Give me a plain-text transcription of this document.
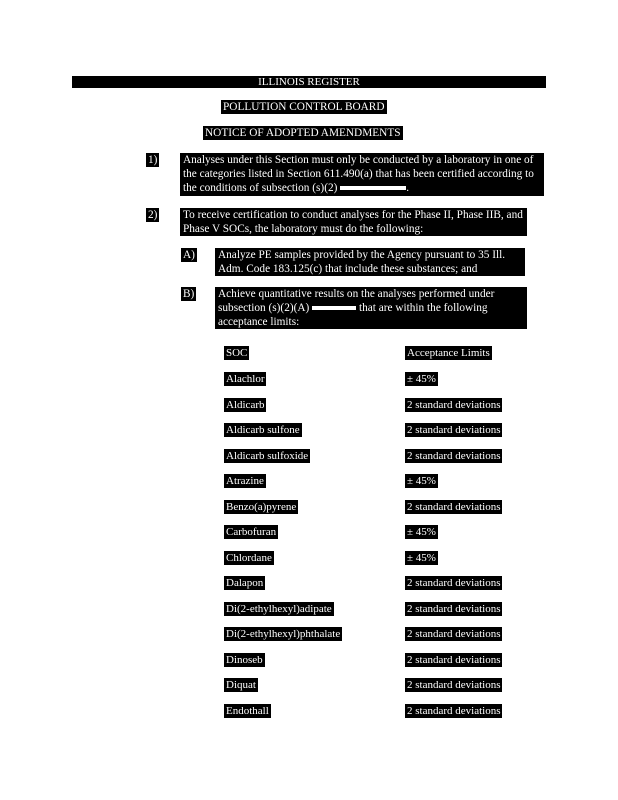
ILLINOIS REGISTER
POLLUTION CONTROL BOARD
NOTICE OF ADOPTED AMENDMENTS
1) Analyses under this Section must only be conducted by a laboratory in one of the categories listed in Section 611.490(a) that has been certified according to the conditions of subsection (s)(2)	.
2) To receive certification to conduct analyses for the Phase II, Phase IIB, and Phase V SOCs, the laboratory must do the following:
A) Analyze PE samples provided by the Agency pursuant to 35 Ill. Adm. Code 183.125(c) that include these substances; and
B) Achieve quantitative results on the analyses performed under
subsection (s)(2)(A)	that are within the following
acceptance limits:
SOC	Acceptance Limits
Alachlor	± 45%
Aldicarb	2 standard deviations
Aldicarb sulfone	2 standard deviations
Aldicarb sulfoxide	2 standard deviations
Atrazine	± 45%
Benzo(a)pyrene	2 standard deviations
Carbofuran	± 45%
Chlordane	± 45%
Dalapon	2 standard deviations
Di(2-ethylhexyl)adipate	2 standard deviations
Di(2-ethylhexyl)phthalate	2 standard deviations
Dinoseb	2 standard deviations
Diquat	2 standard deviations
Endothall	2 standard deviations
